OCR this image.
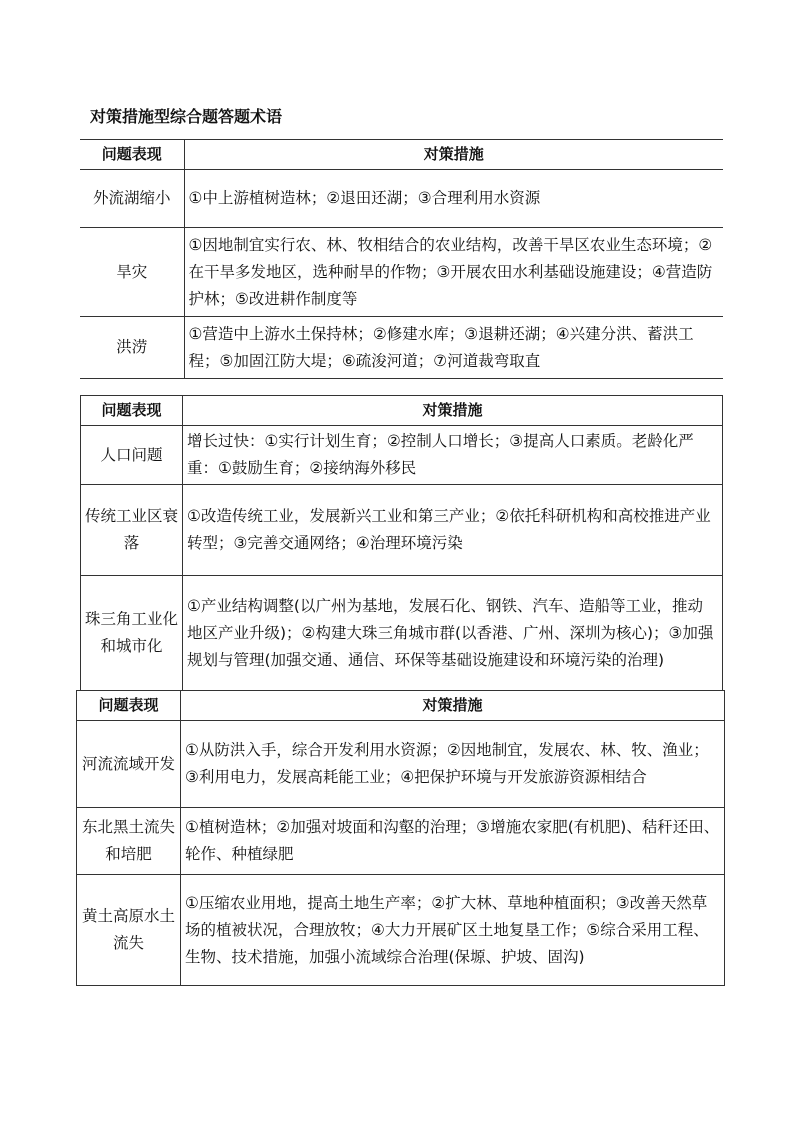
对策措施型综合题答题术语
问题表现	对策措施
外流湖缩小	①中上游植树造林；②退田还湖；③合理利用水资源
旱灾	①因地制宜实行农、林、牧相结合的农业结构，改善干旱区农业生态环境；②在干旱多发地区，选种耐旱的作物；③开展农田水利基础设施建设；④营造防护林；⑤改进耕作制度等
洪涝	①营造中上游水土保持林；②修建水库；③退耕还湖；④兴建分洪、蓄洪工程；⑤加固江防大堤；⑥疏浚河道；⑦河道裁弯取直
问题表现	对策措施
人口问题	增长过快：①实行计划生育；②控制人口增长；③提高人口素质。老龄化严重：①鼓励生育；②接纳海外移民
传统工业区衰落	①改造传统工业，发展新兴工业和第三产业；②依托科研机构和高校推进产业转型；③完善交通网络；④治理环境污染
珠三角工业化和城市化	①产业结构调整(以广州为基地，发展石化、钢铁、汽车、造船等工业，推动地区产业升级)；②构建大珠三角城市群(以香港、广州、深圳为核心)；③加强规划与管理(加强交通、通信、环保等基础设施建设和环境污染的治理)
问题表现	对策措施
河流流域开发	①从防洪入手，综合开发利用水资源；②因地制宜，发展农、林、牧、渔业；③利用电力，发展高耗能工业；④把保护环境与开发旅游资源相结合
东北黑土流失和培肥	①植树造林；②加强对坡面和沟壑的治理；③增施农家肥(有机肥)、秸秆还田、轮作、种植绿肥
黄土高原水土流失	①压缩农业用地，提高土地生产率；②扩大林、草地种植面积；③改善天然草场的植被状况，合理放牧；④大力开展矿区土地复垦工作；⑤综合采用工程、生物、技术措施，加强小流域综合治理(保塬、护坡、固沟)
